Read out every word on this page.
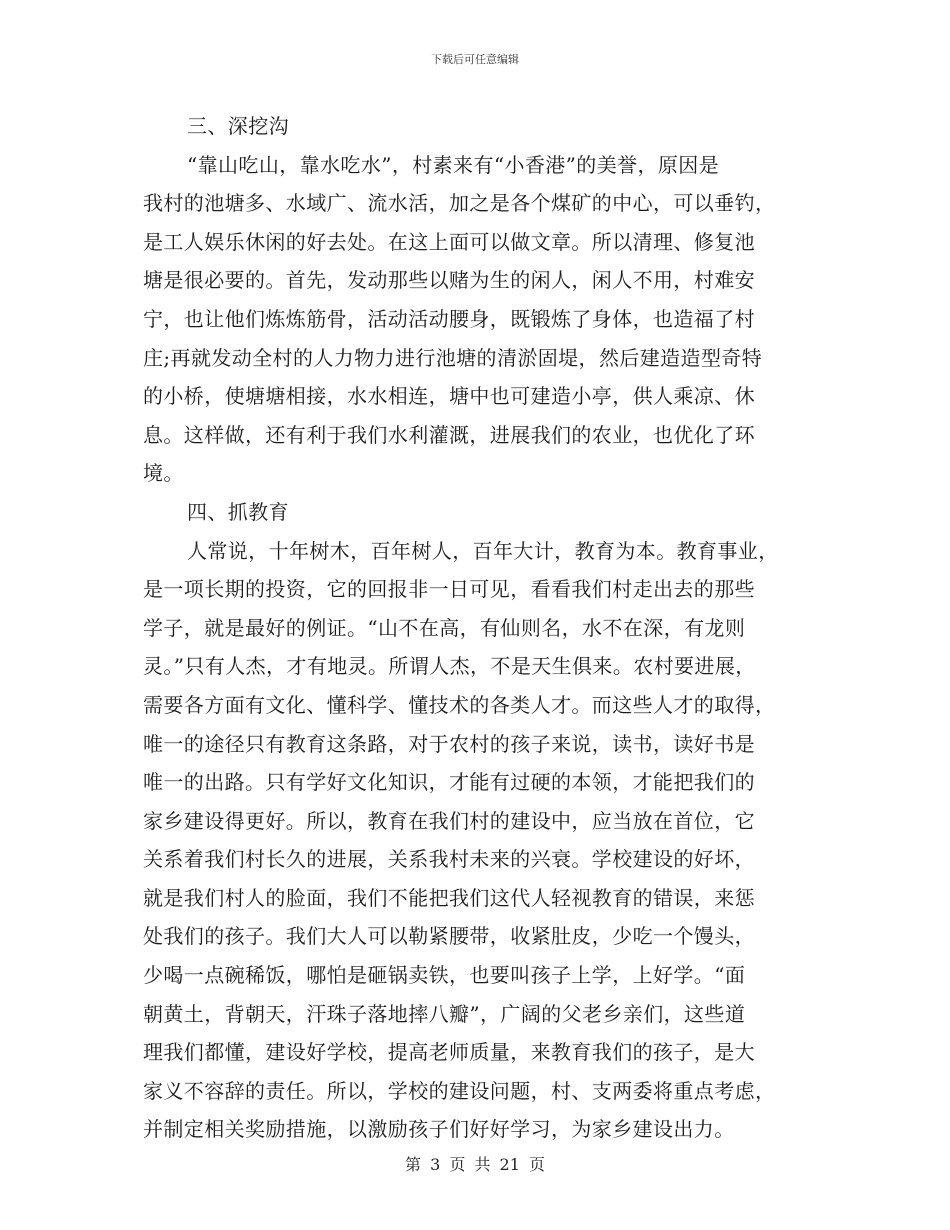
下载后可任意编辑
三、深挖沟
“靠山吃山，靠水吃水”，村素来有“小香港”的美誉，原因是
我村的池塘多、水域广、流水活，加之是各个煤矿的中心，可以垂钓，
是工人娱乐休闲的好去处。在这上面可以做文章。所以清理、修复池
塘是很必要的。首先，发动那些以赌为生的闲人，闲人不用，村难安
宁，也让他们炼炼筋骨，活动活动腰身，既锻炼了身体，也造福了村
庄;再就发动全村的人力物力进行池塘的清淤固堤，然后建造造型奇特
的小桥，使塘塘相接，水水相连，塘中也可建造小亭，供人乘凉、休
息。这样做，还有利于我们水利灌溉，进展我们的农业，也优化了环
境。
四、抓教育
人常说，十年树木，百年树人，百年大计，教育为本。教育事业，
是一项长期的投资，它的回报非一日可见，看看我们村走出去的那些
学子，就是最好的例证。“山不在高，有仙则名，水不在深，有龙则
灵。”只有人杰，才有地灵。所谓人杰，不是天生俱来。农村要进展，
需要各方面有文化、懂科学、懂技术的各类人才。而这些人才的取得，
唯一的途径只有教育这条路，对于农村的孩子来说，读书，读好书是
唯一的出路。只有学好文化知识，才能有过硬的本领，才能把我们的
家乡建设得更好。所以，教育在我们村的建设中，应当放在首位，它
关系着我们村长久的进展，关系我村未来的兴衰。学校建设的好坏，
就是我们村人的脸面，我们不能把我们这代人轻视教育的错误，来惩
处我们的孩子。我们大人可以勒紧腰带，收紧肚皮，少吃一个馒头，
少喝一点碗稀饭，哪怕是砸锅卖铁，也要叫孩子上学，上好学。“面
朝黄土，背朝天，汗珠子落地摔八瓣”，广阔的父老乡亲们，这些道
理我们都懂，建设好学校，提高老师质量，来教育我们的孩子，是大
家义不容辞的责任。所以，学校的建设问题，村、支两委将重点考虑，
并制定相关奖励措施，以激励孩子们好好学习，为家乡建设出力。
第 3 页 共 21 页
